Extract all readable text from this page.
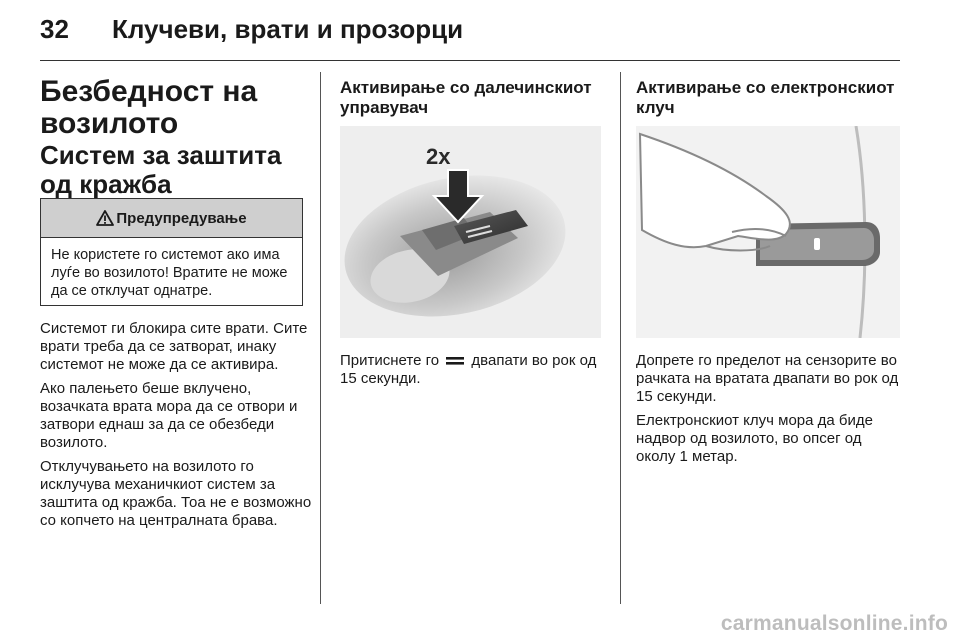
32 Клучеви, врати и прозорци
Безбедност на возилото
Систем за заштита од кражба
Предупредување
Не користете го системот ако има луѓе во возилото! Вратите не може да се отклучат однатре.

Системот ги блокира сите врати. Сите врати треба да се затворат, инаку системот не може да се активира.

Ако палењето беше вклучено, возачката врата мора да се отвори и затвори еднаш за да се обезбеди возилото.

Отклучувањето на возилото го исклучува механичкиот систем за заштита од кражба. Тоа не е возможно со копчето на централната брава.

Активирање со далечинскиот управувач
2x
Притиснете го двапати во рок од 15 секунди.
Активирање со електронскиот клуч

Допрете го пределот на сензорите во рачката на вратата двапати во рок од 15 секунди.

Електронскиот клуч мора да биде надвор од возилото, во опсег од околу 1 метар.

carmanualsonline.info
